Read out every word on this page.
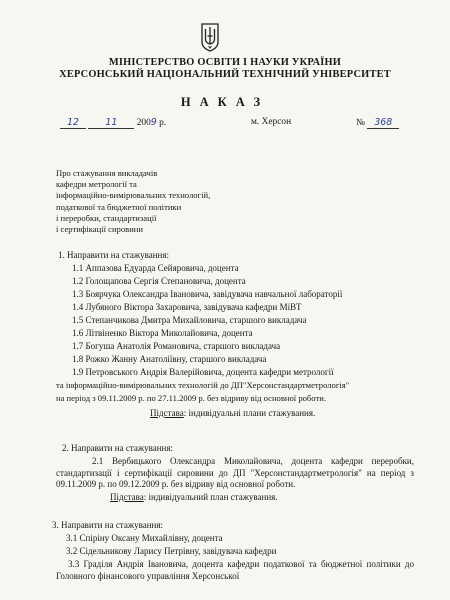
МІНІСТЕРСТВО ОСВІТИ І НАУКИ УКРАЇНИ
ХЕРСОНСЬКИЙ НАЦІОНАЛЬНИЙ ТЕХНІЧНИЙ УНІВЕРСИТЕТ
НАКАЗ
12	11 2009 р.	м. Херсон	№ 368
Про стажування викладачів
кафедри метрології та
інформаційно-вимірювальних технологій,
податкової та бюджетної політики
і переробки, стандартизації
і сертифікації сировини
1. Направити на стажування:
1.1 Аппазова Едуарда Сейяровича, доцента
1.2 Голощапова Сергія Степановича, доцента
1.3 Боярчука Олександра Івановича, завідувача навчальної лабораторії
1.4 Лубяного Віктора Захаровича, завідувача кафедри МіВТ
1.5 Степанчикова Дмитра Михайловича, старшого викладача
1.6 Літвіненко Віктора Миколайовича, доцента
1.7 Богуша Анатолія Романовича, старшого викладача
1.8 Рожко Жанну Анатоліївну, старшого викладача
1.9 Петровського Андрія Валерійовича, доцента кафедри метрології
та інформаційно-вимірювальних технологій до ДП"Херсонстандартметрологія"
на період з 09.11.2009 р. по 27.11.2009 р. без відриву від основної роботи.
Підстава: індивідуальні плани стажування.
2. Направити на стажування:
2.1 Вербицького Олександра Миколайовича, доцента кафедри переробки, стандартизації і сертифікації сировини до ДП "Херсонстандартметрологія" на період з 09.11.2009 р. по 09.12.2009 р. без відриву від основної роботи.
Підстава: індивідуальний план стажування.
3. Направити на стажування:
3.1 Спіріну Оксану Михайлівну, доцента
3.2 Сідельникову Ларису Петрівну, завідувача кафедри
3.3 Граділя Андрія Івановича, доцента кафедри податкової та бюджетної політики до Головного фінансового управління Херсонської
